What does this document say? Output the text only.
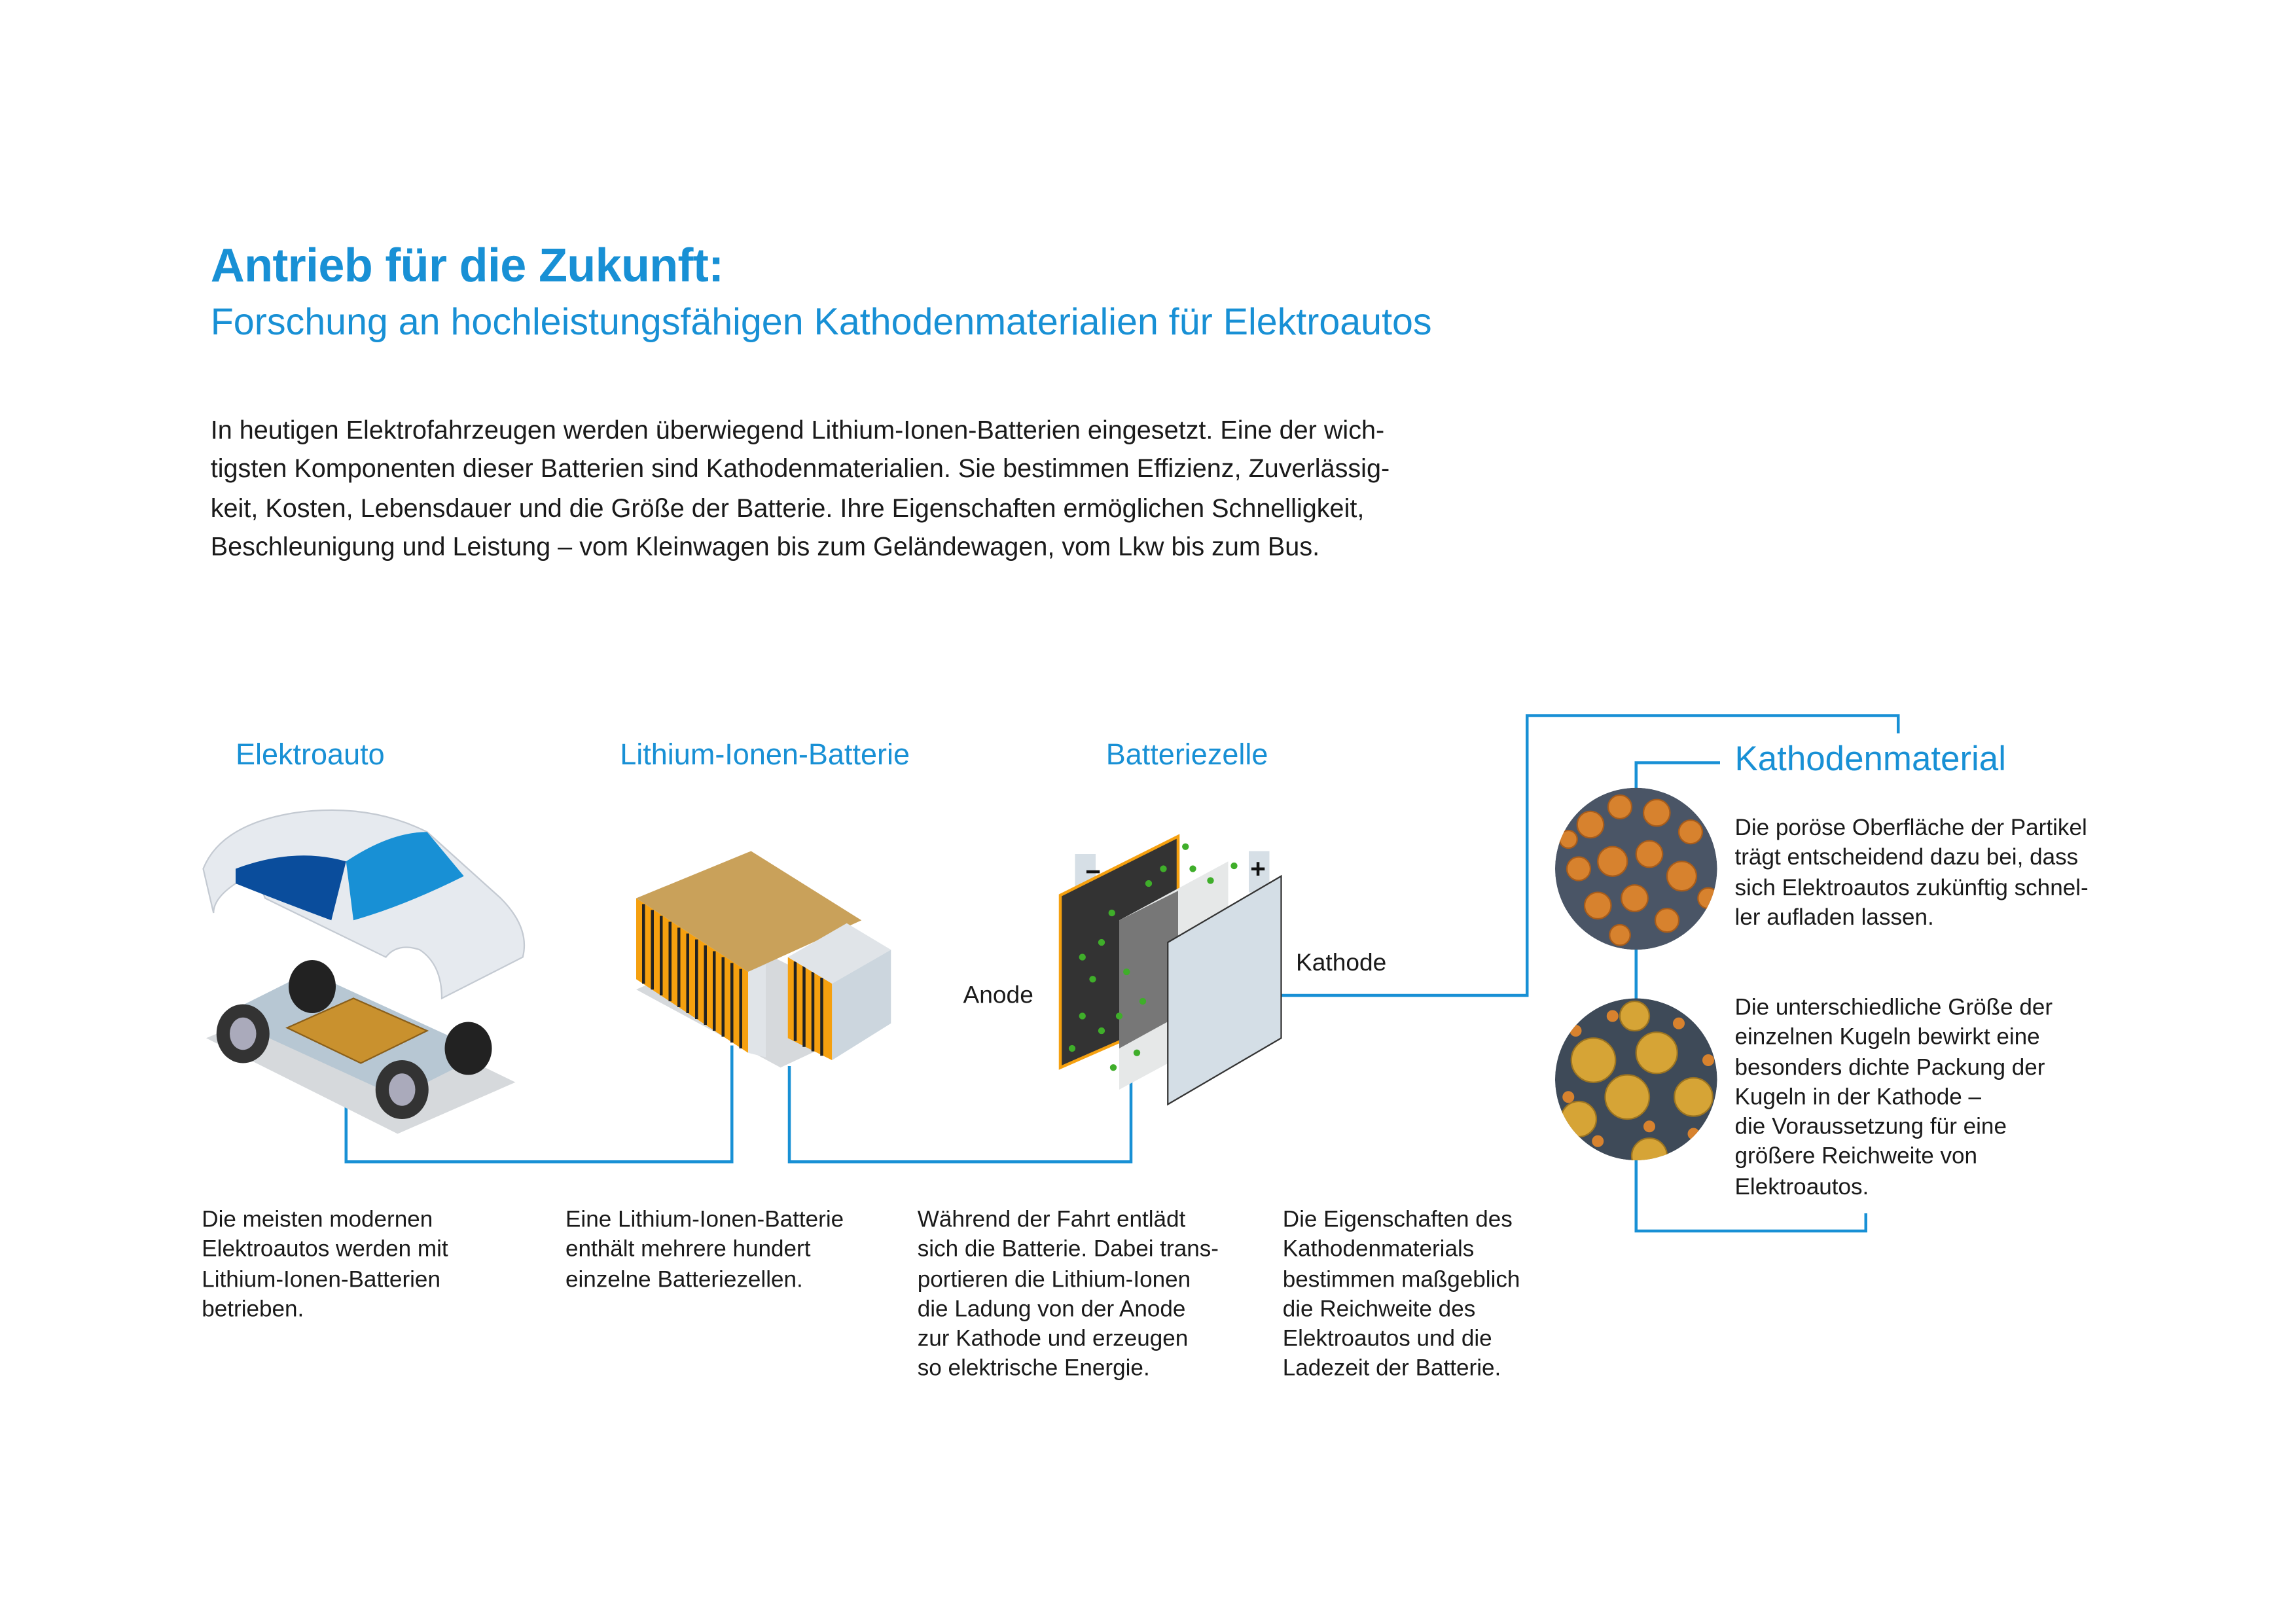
−	+
Antrieb für die Zukunft:
Forschung an hochleistungsfähigen Kathodenmaterialien für Elektroautos
In heutigen Elektrofahrzeugen werden überwiegend Lithium-Ionen-Batterien eingesetzt. Eine der wich-
tigsten Komponenten dieser Batterien sind Kathodenmaterialien. Sie bestimmen Effizienz, Zuverlässig-
keit, Kosten, Lebensdauer und die Größe der Batterie. Ihre Eigenschaften ermöglichen Schnelligkeit,
Beschleunigung und Leistung – vom Kleinwagen bis zum Geländewagen, vom Lkw bis zum Bus.
Elektroauto	Lithium-Ionen-Batterie	Batteriezelle	Kathodenmaterial
Anode
Kathode
Die meisten modernen
Elektroautos werden mit
Lithium-Ionen-Batterien
betrieben.
Eine Lithium-Ionen-Batterie
enthält mehrere hundert
einzelne Batteriezellen.
Während der Fahrt entlädt
sich die Batterie. Dabei trans-
portieren die Lithium-Ionen
die Ladung von der Anode
zur Kathode und erzeugen
so elektrische Energie.
Die Eigenschaften des
Kathodenmaterials
bestimmen maßgeblich
die Reichweite des
Elektroautos und die
Ladezeit der Batterie.
Die poröse Oberfläche der Partikel
trägt entscheidend dazu bei, dass
sich Elektroautos zukünftig schnel-
ler aufladen lassen.
Die unterschiedliche Größe der
einzelnen Kugeln bewirkt eine
besonders dichte Packung der
Kugeln in der Kathode –
die Voraussetzung für eine
größere Reichweite von
Elektroautos.
